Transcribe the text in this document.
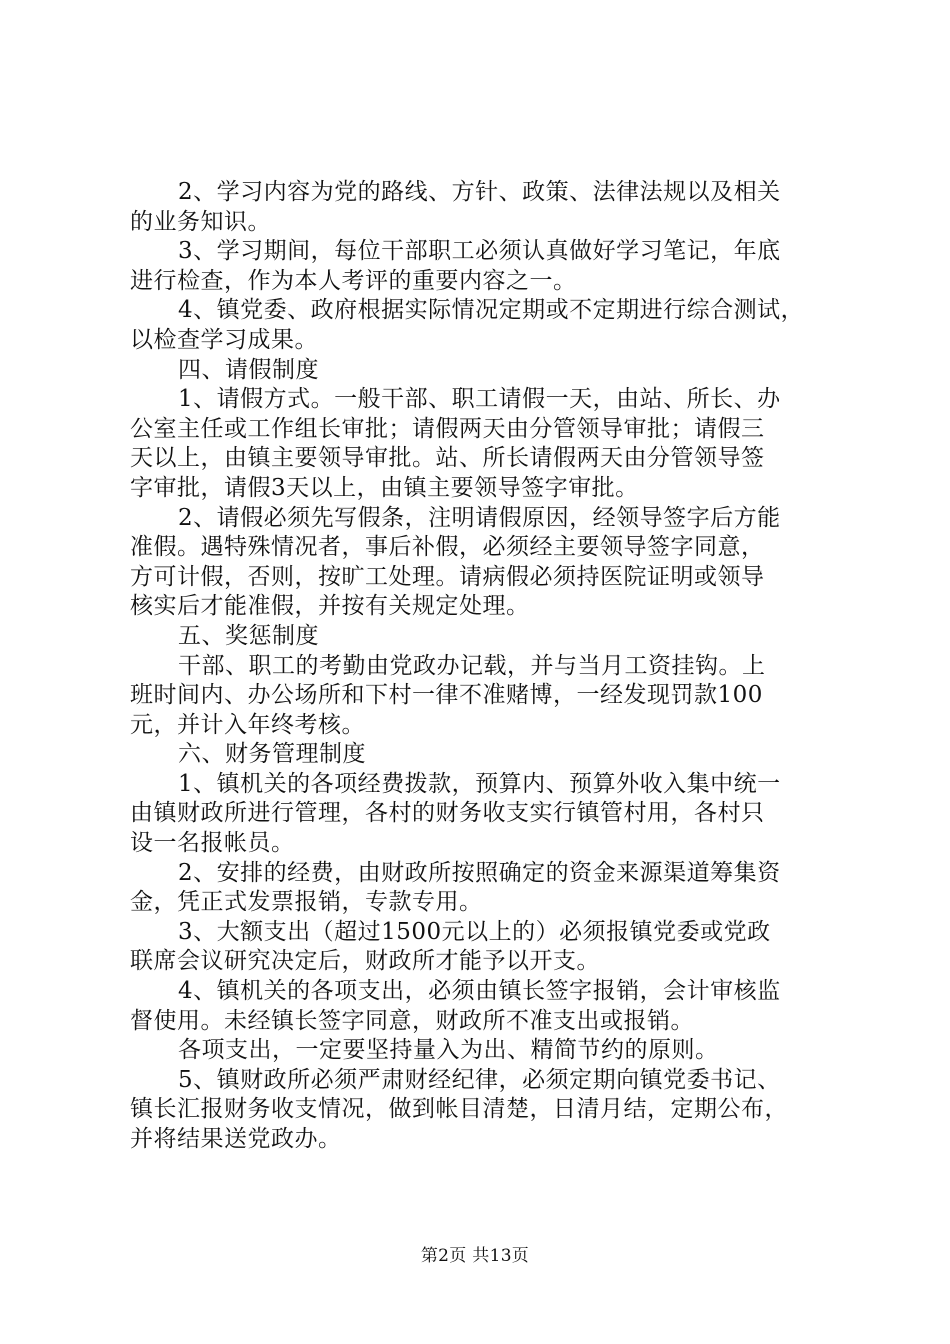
2、学习内容为党的路线、方针、政策、法律法规以及相关
的业务知识。
3、学习期间，每位干部职工必须认真做好学习笔记，年底
进行检查，作为本人考评的重要内容之一。
4、镇党委、政府根据实际情况定期或不定期进行综合测试，
以检查学习成果。
四、请假制度
1、请假方式。一般干部、职工请假一天，由站、所长、办
公室主任或工作组长审批；请假两天由分管领导审批；请假三
天以上，由镇主要领导审批。站、所长请假两天由分管领导签
字审批，请假3天以上，由镇主要领导签字审批。
2、请假必须先写假条，注明请假原因，经领导签字后方能
准假。遇特殊情况者，事后补假，必须经主要领导签字同意，
方可计假，否则，按旷工处理。请病假必须持医院证明或领导
核实后才能准假，并按有关规定处理。
五、奖惩制度
干部、职工的考勤由党政办记载，并与当月工资挂钩。上
班时间内、办公场所和下村一律不准赌博，一经发现罚款100
元，并计入年终考核。
六、财务管理制度
1、镇机关的各项经费拨款，预算内、预算外收入集中统一
由镇财政所进行管理，各村的财务收支实行镇管村用，各村只
设一名报帐员。
2、安排的经费，由财政所按照确定的资金来源渠道筹集资
金，凭正式发票报销，专款专用。
3、大额支出（超过1500元以上的）必须报镇党委或党政
联席会议研究决定后，财政所才能予以开支。
4、镇机关的各项支出，必须由镇长签字报销，会计审核监
督使用。未经镇长签字同意，财政所不准支出或报销。
各项支出，一定要坚持量入为出、精简节约的原则。
5、镇财政所必须严肃财经纪律，必须定期向镇党委书记、
镇长汇报财务收支情况，做到帐目清楚，日清月结，定期公布，
并将结果送党政办。
第2页 共13页
